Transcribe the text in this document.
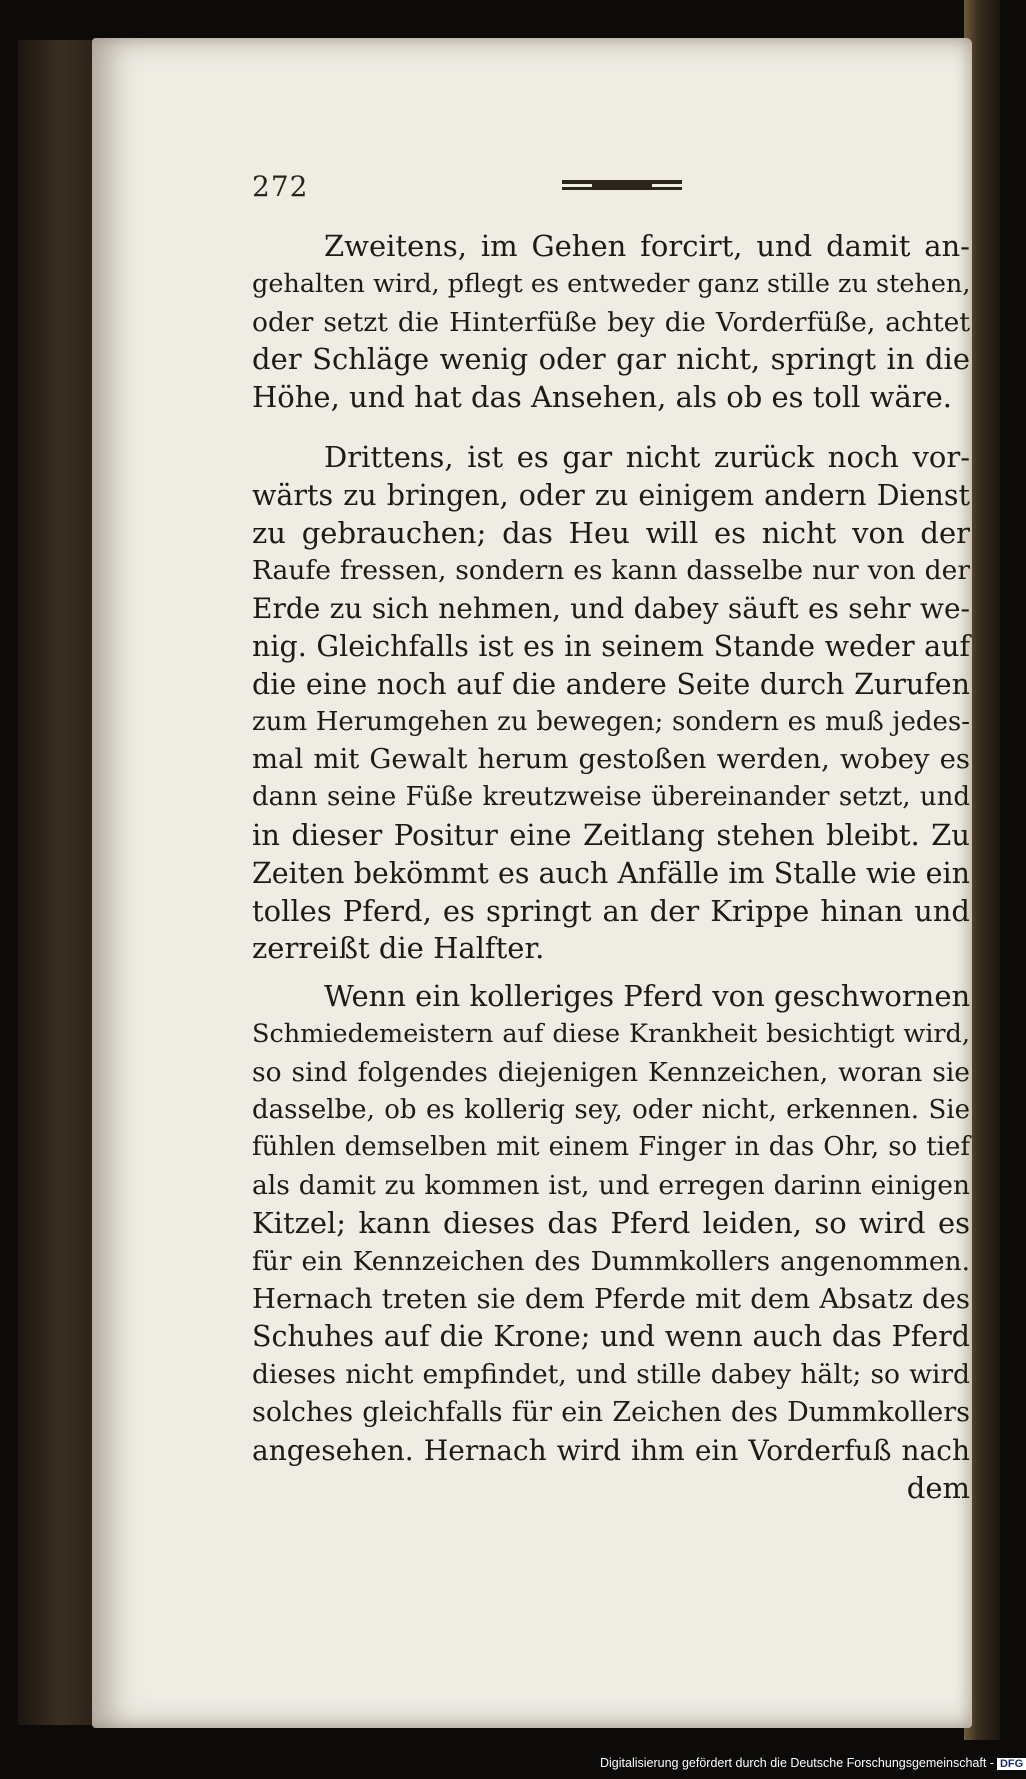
272
Zweitens, im Gehen forcirt, und damit an-
gehalten wird, pflegt es entweder ganz stille zu stehen,
oder setzt die Hinterfüße bey die Vorderfüße, achtet
der Schläge wenig oder gar nicht, springt in die
Höhe, und hat das Ansehen, als ob es toll wäre.
Drittens, ist es gar nicht zurück noch vor-
wärts zu bringen, oder zu einigem andern Dienst
zu gebrauchen; das Heu will es nicht von der
Raufe fressen, sondern es kann dasselbe nur von der
Erde zu sich nehmen, und dabey säuft es sehr we-
nig. Gleichfalls ist es in seinem Stande weder auf
die eine noch auf die andere Seite durch Zurufen
zum Herumgehen zu bewegen; sondern es muß jedes-
mal mit Gewalt herum gestoßen werden, wobey es
dann seine Füße kreutzweise übereinander setzt, und
in dieser Positur eine Zeitlang stehen bleibt. Zu
Zeiten bekömmt es auch Anfälle im Stalle wie ein
tolles Pferd, es springt an der Krippe hinan und
zerreißt die Halfter.
Wenn ein kolleriges Pferd von geschwornen
Schmiedemeistern auf diese Krankheit besichtigt wird,
so sind folgendes diejenigen Kennzeichen, woran sie
dasselbe, ob es kollerig sey, oder nicht, erkennen. Sie
fühlen demselben mit einem Finger in das Ohr, so tief
als damit zu kommen ist, und erregen darinn einigen
Kitzel; kann dieses das Pferd leiden, so wird es
für ein Kennzeichen des Dummkollers angenommen.
Hernach treten sie dem Pferde mit dem Absatz des
Schuhes auf die Krone; und wenn auch das Pferd
dieses nicht empfindet, und stille dabey hält; so wird
solches gleichfalls für ein Zeichen des Dummkollers
angesehen. Hernach wird ihm ein Vorderfuß nach
dem
Digitalisierung gefördert durch die Deutsche Forschungsgemeinschaft - DFG
